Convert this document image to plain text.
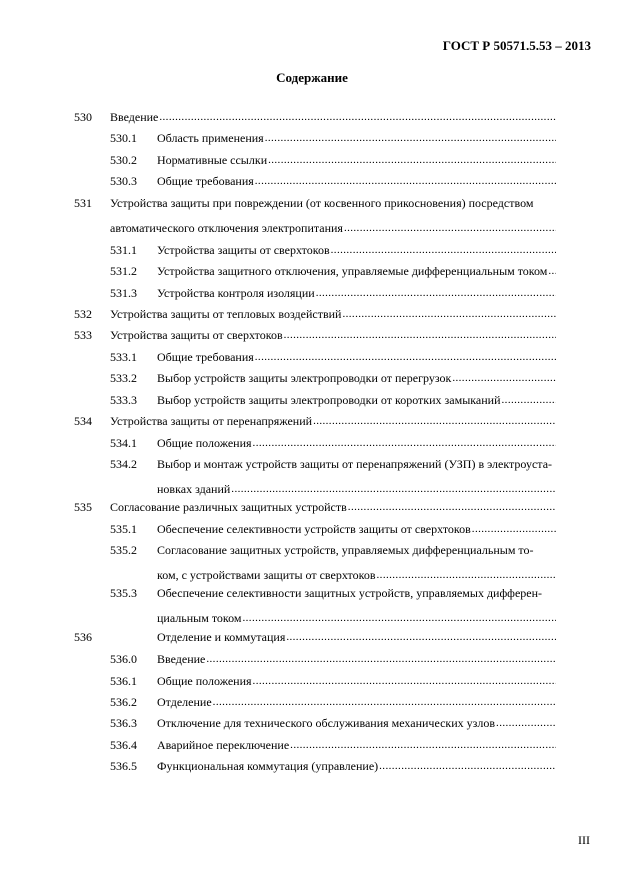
ГОСТ Р 50571.5.53 – 2013
Содержание
530 Введение
.....
530.1 Область применения
.....
530.2 Нормативные ссылки
.....
530.3 Общие требования
.....
531 Устройства защиты при повреждении (от косвенного прикосновения) посредством
автоматического отключения электропитания
.....
531.1 Устройства защиты от сверхтоков
.....
531.2 Устройства защитного отключения, управляемые дифференциальным током
.....
531.3 Устройства контроля изоляции
.....
532 Устройства защиты от тепловых воздействий
.....
533 Устройства защиты от сверхтоков
.....
533.1 Общие требования
.....
533.2 Выбор устройств защиты электропроводки от перегрузок
.....
533.3 Выбор устройств защиты электропроводки от коротких замыканий
.....
534 Устройства защиты от перенапряжений
.....
534.1 Общие положения
.....
534.2 Выбор и монтаж устройств защиты от перенапряжений (УЗП) в электроуста-
новках зданий
.....
535 Согласование различных защитных устройств
.....
535.1 Обеспечение селективности устройств защиты от сверхтоков
.....
535.2 Согласование защитных устройств, управляемых дифференциальным то-
ком, с устройствами защиты от сверхтоков
.....
535.3 Обеспечение селективности защитных устройств, управляемых дифферен-
циальным током
.....
536	Отделение и коммутация
.....
536.0 Введение
.....
536.1 Общие положения
.....
536.2 Отделение
.....
536.3 Отключение для технического обслуживания механических узлов
.....
536.4 Аварийное переключение
.....
536.5 Функциональная коммутация (управление)
.....
III
